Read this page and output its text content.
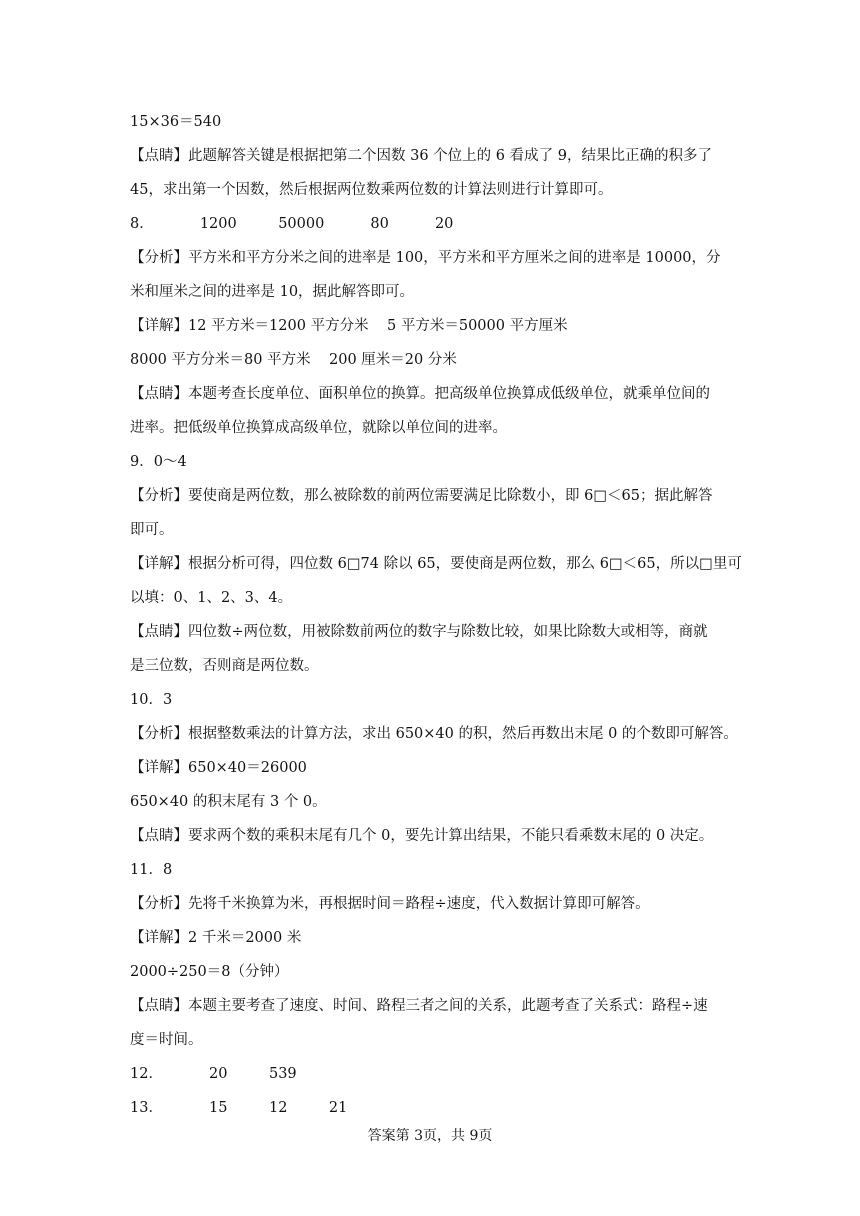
15×36＝540
【点睛】此题解答关键是根据把第二个因数 36 个位上的 6 看成了 9，结果比正确的积多了
45，求出第一个因数，然后根据两位数乘两位数的计算法则进行计算即可。
8．          1200         50000          80          20
【分析】平方米和平方分米之间的进率是 100，平方米和平方厘米之间的进率是 10000，分
米和厘米之间的进率是 10，据此解答即可。
【详解】12 平方米＝1200 平方分米    5 平方米＝50000 平方厘米
8000 平方分米＝80 平方米    200 厘米＝20 分米
【点睛】本题考查长度单位、面积单位的换算。把高级单位换算成低级单位，就乘单位间的
进率。把低级单位换算成高级单位，就除以单位间的进率。
9．0～4
【分析】要使商是两位数，那么被除数的前两位需要满足比除数小，即 6□＜65；据此解答
即可。
【详解】根据分析可得，四位数 6□74 除以 65，要使商是两位数，那么 6□＜65，所以□里可
以填：0、1、2、3、4。
【点睛】四位数÷两位数，用被除数前两位的数字与除数比较，如果比除数大或相等，商就
是三位数，否则商是两位数。
10．3
【分析】根据整数乘法的计算方法，求出 650×40 的积，然后再数出末尾 0 的个数即可解答。
【详解】650×40＝26000
650×40 的积末尾有 3 个 0。
【点睛】要求两个数的乘积末尾有几个 0，要先计算出结果，不能只看乘数末尾的 0 决定。
11．8
【分析】先将千米换算为米，再根据时间＝路程÷速度，代入数据计算即可解答。
【详解】2 千米＝2000 米
2000÷250＝8（分钟）
【点睛】本题主要考查了速度、时间、路程三者之间的关系，此题考查了关系式：路程÷速
度＝时间。
12．          20         539
13．          15         12         21
答案第 3页，共 9页
